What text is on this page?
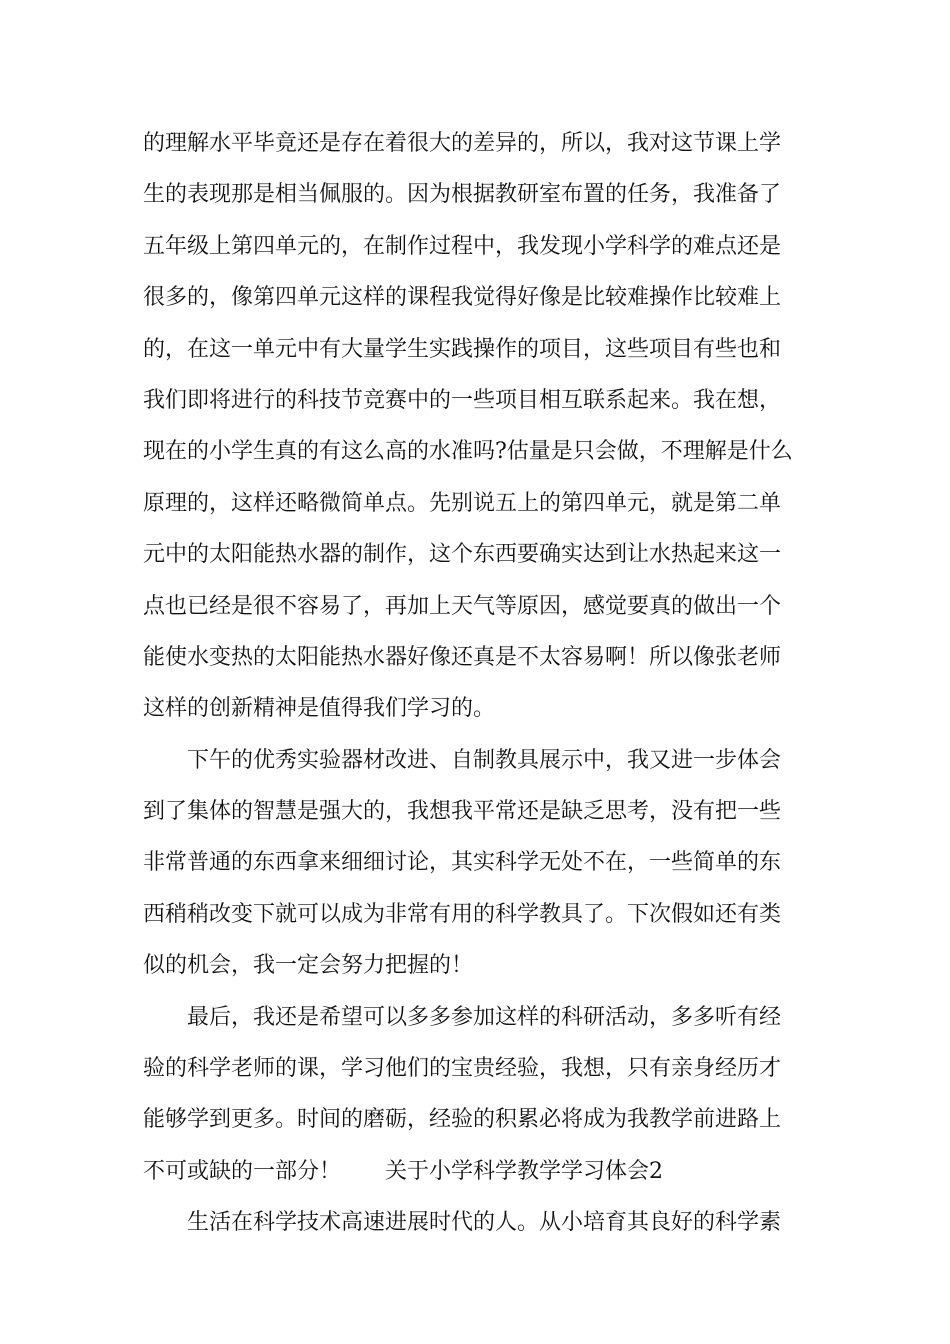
的理解水平毕竟还是存在着很大的差异的，所以，我对这节课上学
生的表现那是相当佩服的。因为根据教研室布置的任务，我准备了
五年级上第四单元的，在制作过程中，我发现小学科学的难点还是
很多的，像第四单元这样的课程我觉得好像是比较难操作比较难上
的，在这一单元中有大量学生实践操作的项目，这些项目有些也和
我们即将进行的科技节竞赛中的一些项目相互联系起来。我在想，
现在的小学生真的有这么高的水准吗?估量是只会做，不理解是什么
原理的，这样还略微简单点。先别说五上的第四单元，就是第二单
元中的太阳能热水器的制作，这个东西要确实达到让水热起来这一
点也已经是很不容易了，再加上天气等原因，感觉要真的做出一个
能使水变热的太阳能热水器好像还真是不太容易啊！所以像张老师
这样的创新精神是值得我们学习的。
下午的优秀实验器材改进、自制教具展示中，我又进一步体会
到了集体的智慧是强大的，我想我平常还是缺乏思考，没有把一些
非常普通的东西拿来细细讨论，其实科学无处不在，一些简单的东
西稍稍改变下就可以成为非常有用的科学教具了。下次假如还有类
似的机会，我一定会努力把握的！
最后，我还是希望可以多多参加这样的科研活动，多多听有经
验的科学老师的课，学习他们的宝贵经验，我想，只有亲身经历才
能够学到更多。时间的磨砺，经验的积累必将成为我教学前进路上
不可或缺的一部分！　　关于小学科学教学学习体会2
生活在科学技术高速进展时代的人。从小培育其良好的科学素
